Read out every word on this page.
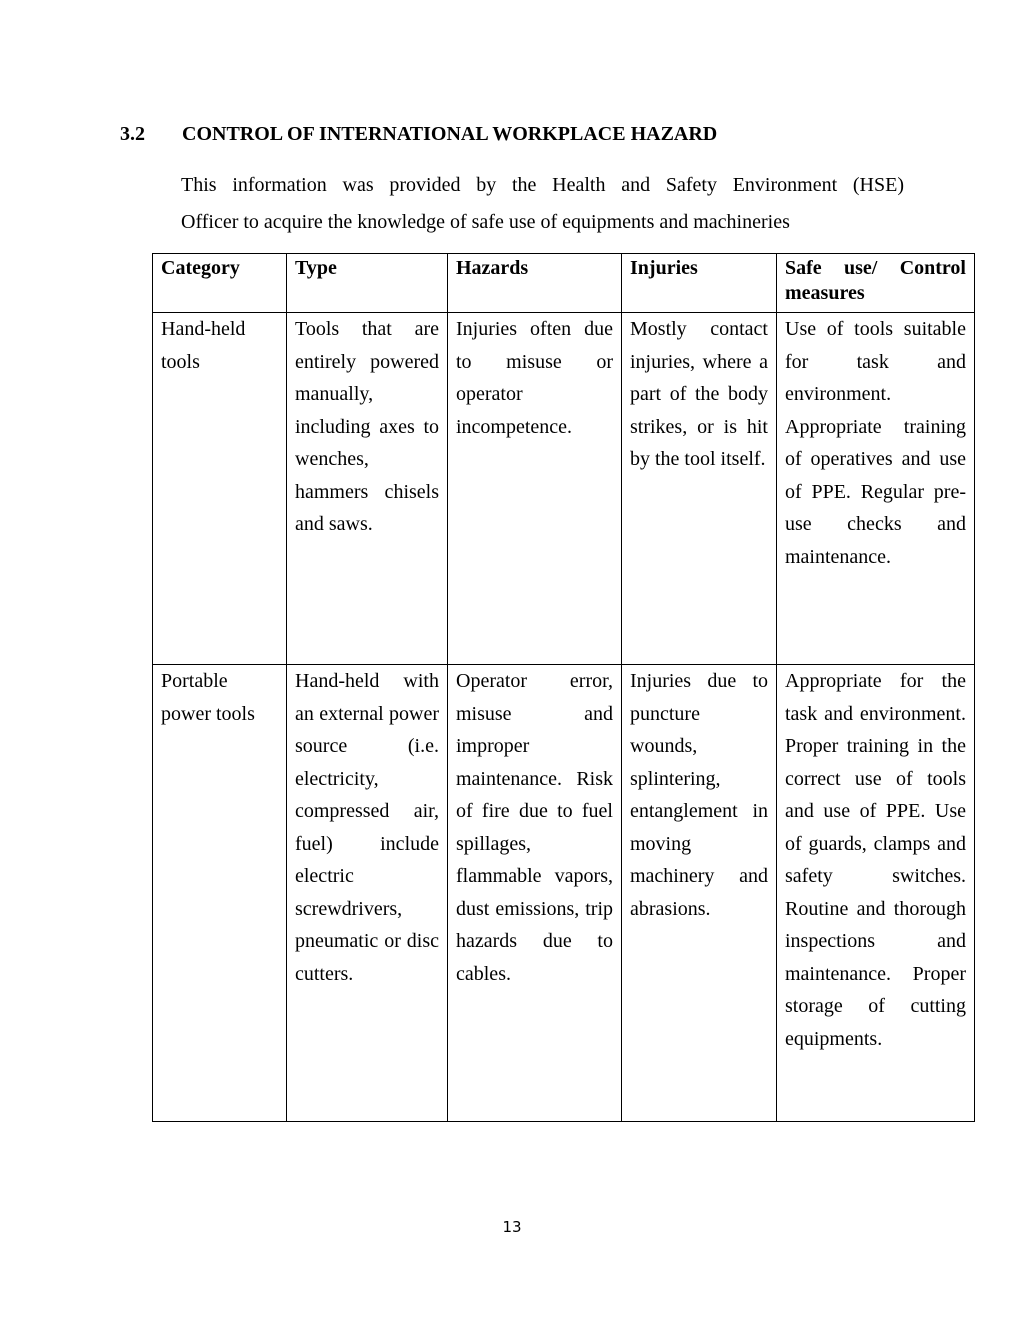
3.2 CONTROL OF INTERNATIONAL WORKPLACE HAZARD
This information was provided by the Health and Safety Environment (HSE)
Officer to acquire the knowledge of safe use of equipments and machineries
Category	Type	Hazards	Injuries	Safe use/ Control measures
Hand-held tools	Tools that are entirely powered manually, including axes to wenches, hammers chisels and saws.	Injuries often due to misuse or operator incompetence.	Mostly contact injuries, where a part of the body strikes, or is hit by the tool itself.	Use of tools suitable for task and environment. Appropriate training of operatives and use of PPE. Regular pre-use checks and maintenance.
Portable power tools	Hand-held with an external power source (i.e. electricity, compressed air, fuel) include electric screwdrivers, pneumatic or disc cutters.	Operator error, misuse and improper maintenance. Risk of fire due to fuel spillages, flammable vapors, dust emissions, trip hazards due to cables.	Injuries due to puncture wounds, splintering, entanglement in moving machinery and abrasions.	Appropriate for the task and environment. Proper training in the correct use of tools and use of PPE. Use of guards, clamps and safety switches. Routine and thorough inspections and maintenance. Proper storage of cutting equipments.
13
